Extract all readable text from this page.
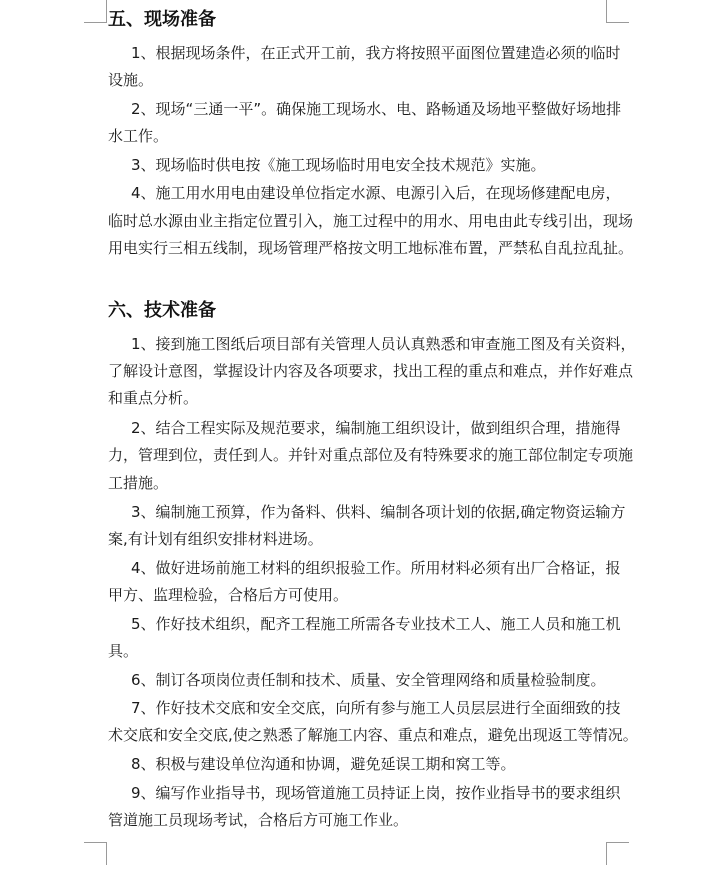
五、现场准备
1、根据现场条件，在正式开工前，我方将按照平面图位置建造必须的临时
设施。
2、现场“三通一平”。确保施工现场水、电、路畅通及场地平整做好场地排
水工作。
3、现场临时供电按《施工现场临时用电安全技术规范》实施。
4、施工用水用电由建设单位指定水源、电源引入后，在现场修建配电房，
临时总水源由业主指定位置引入，施工过程中的用水、用电由此专线引出，现场
用电实行三相五线制，现场管理严格按文明工地标准布置，严禁私自乱拉乱扯。
六、技术准备
1、接到施工图纸后项目部有关管理人员认真熟悉和审查施工图及有关资料，
了解设计意图，掌握设计内容及各项要求，找出工程的重点和难点，并作好难点
和重点分析。
2、结合工程实际及规范要求，编制施工组织设计，做到组织合理，措施得
力，管理到位，责任到人。并针对重点部位及有特殊要求的施工部位制定专项施
工措施。
3、编制施工预算，作为备料、供料、编制各项计划的依据,确定物资运输方
案,有计划有组织安排材料进场。
4、做好进场前施工材料的组织报验工作。所用材料必须有出厂合格证，报
甲方、监理检验，合格后方可使用。
5、作好技术组织，配齐工程施工所需各专业技术工人、施工人员和施工机
具。
6、制订各项岗位责任制和技术、质量、安全管理网络和质量检验制度。
7、作好技术交底和安全交底，向所有参与施工人员层层进行全面细致的技
术交底和安全交底,使之熟悉了解施工内容、重点和难点，避免出现返工等情况。
8、积极与建设单位沟通和协调，避免延误工期和窝工等。
9、编写作业指导书，现场管道施工员持证上岗，按作业指导书的要求组织
管道施工员现场考试，合格后方可施工作业。
